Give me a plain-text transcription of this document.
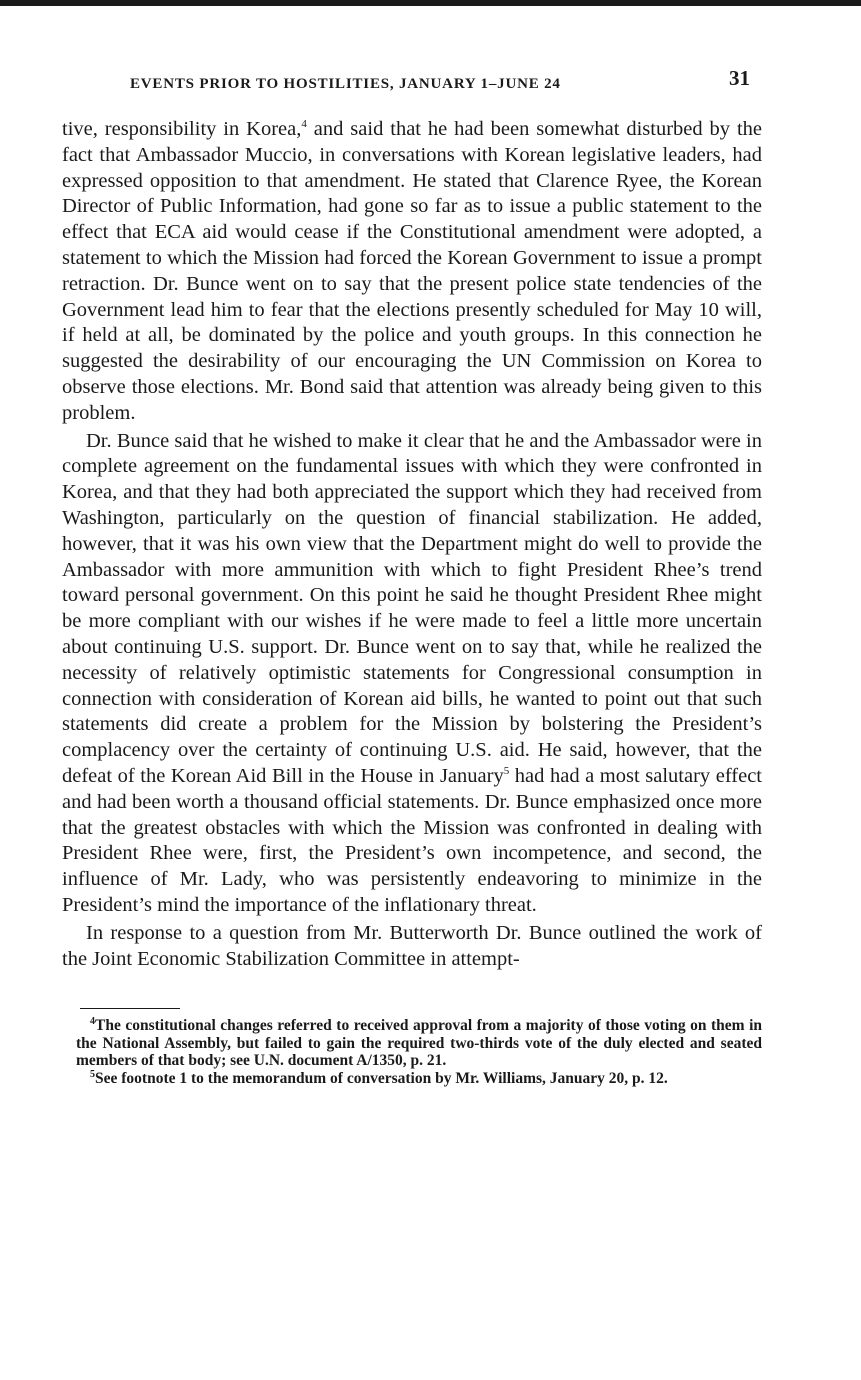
EVENTS PRIOR TO HOSTILITIES, JANUARY 1–JUNE 24	31

tive, responsibility in Korea,$^4$ and said that he had been somewhat disturbed by the fact that Ambassador Muccio, in conversations with Korean legislative leaders, had expressed opposition to that amendment. He stated that Clarence Ryee, the Korean Director of Public Information, had gone so far as to issue a public statement to the effect that ECA aid would cease if the Constitutional amendment were adopted, a statement to which the Mission had forced the Korean Government to issue a prompt retraction. Dr. Bunce went on to say that the present police state tendencies of the Government lead him to fear that the elections presently scheduled for May 10 will, if held at all, be dominated by the police and youth groups. In this connection he suggested the desirability of our encouraging the UN Commission on Korea to observe those elections. Mr. Bond said that attention was already being given to this problem.

Dr. Bunce said that he wished to make it clear that he and the Ambassador were in complete agreement on the fundamental issues with which they were confronted in Korea, and that they had both appreciated the support which they had received from Washington, particularly on the question of financial stabilization. He added, however, that it was his own view that the Department might do well to provide the Ambassador with more ammunition with which to fight President Rhee’s trend toward personal government. On this point he said he thought President Rhee might be more compliant with our wishes if he were made to feel a little more uncertain about continuing U.S. support. Dr. Bunce went on to say that, while he realized the necessity of relatively optimistic statements for Congressional consumption in connection with consideration of Korean aid bills, he wanted to point out that such statements did create a problem for the Mission by bolstering the President’s complacency over the certainty of continuing U.S. aid. He said, however, that the defeat of the Korean Aid Bill in the House in January$^5$ had had a most salutary effect and had been worth a thousand official statements. Dr. Bunce emphasized once more that the greatest obstacles with which the Mission was confronted in dealing with President Rhee were, first, the President’s own incompetence, and second, the influence of Mr. Lady, who was persistently endeavoring to minimize in the President’s mind the importance of the inflationary threat.

In response to a question from Mr. Butterworth Dr. Bunce outlined the work of the Joint Economic Stabilization Committee in attempt-

$^4$The constitutional changes referred to received approval from a majority of those voting on them in the National Assembly, but failed to gain the required two-thirds vote of the duly elected and seated members of that body; see U.N. document A/1350, p. 21.

$^5$See footnote 1 to the memorandum of conversation by Mr. Williams, January 20, p. 12.
